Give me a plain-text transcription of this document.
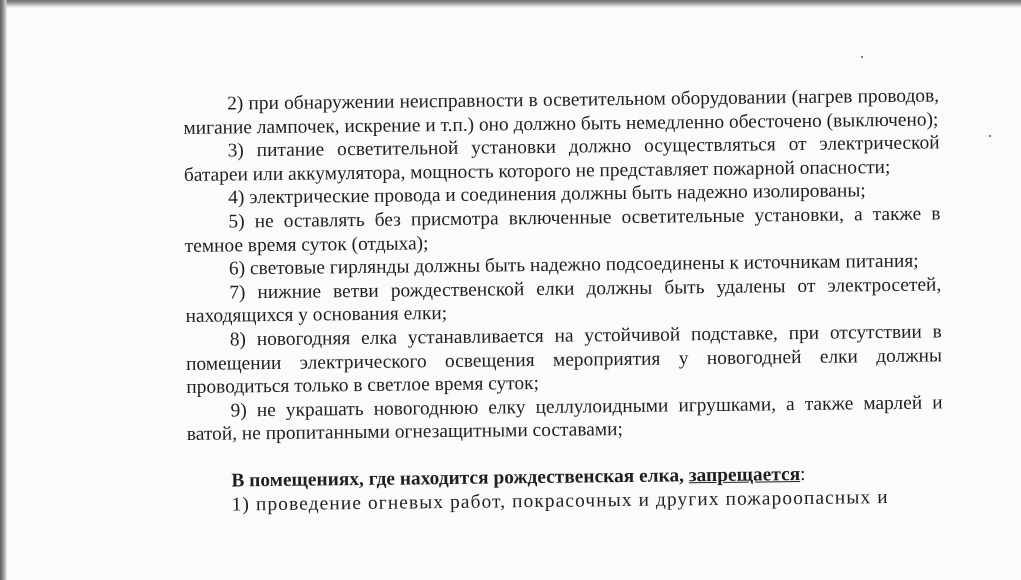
2) при обнаружении неисправности в осветительном оборудовании (нагрев проводов, мигание лампочек, искрение и т.п.) оно должно быть немедленно обесточено (выключено);

3) питание осветительной установки должно осуществляться от электрической батареи или аккумулятора, мощность которого не представляет пожарной опасности;

4) электрические провода и соединения должны быть надежно изолированы;

5) не оставлять без присмотра включенные осветительные установки, а также в темное время суток (отдыха);

6) световые гирлянды должны быть надежно подсоединены к источникам питания;

7) нижние ветви рождественской елки должны быть удалены от электросетей, находящихся у основания елки;

8) новогодняя елка устанавливается на устойчивой подставке, при отсутствии в помещении электрического освещения мероприятия у новогодней елки должны проводиться только в светлое время суток;

9) не украшать новогоднюю елку целлулоидными игрушками, а также марлей и ватой, не пропитанными огнезащитными составами;

В помещениях, где находится рождественская елка, запрещается:

1) проведение огневых работ, покрасочных и других пожароопасных и
